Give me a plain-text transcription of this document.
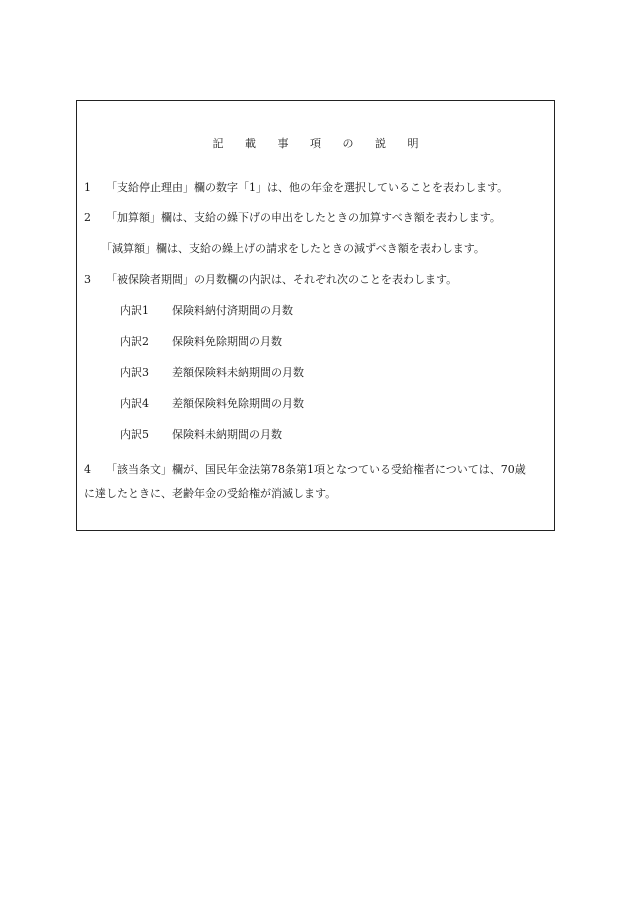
記 載 事 項 の 説 明
1 「支給停止理由」欄の数字「1」は、他の年金を選択していることを表わします。
2 「加算額」欄は、支給の繰下げの申出をしたときの加算すべき額を表わします。
「減算額」欄は、支給の繰上げの請求をしたときの減ずべき額を表わします。
3 「被保険者期間」の月数欄の内訳は、それぞれ次のことを表わします。
内訳1 保険料納付済期間の月数
内訳2 保険料免除期間の月数
内訳3 差額保険料未納期間の月数
内訳4 差額保険料免除期間の月数
内訳5 保険料未納期間の月数
4 「該当条文」欄が、国民年金法第78条第1項となつている受給権者については、70歳
に達したときに、老齢年金の受給権が消滅します。
